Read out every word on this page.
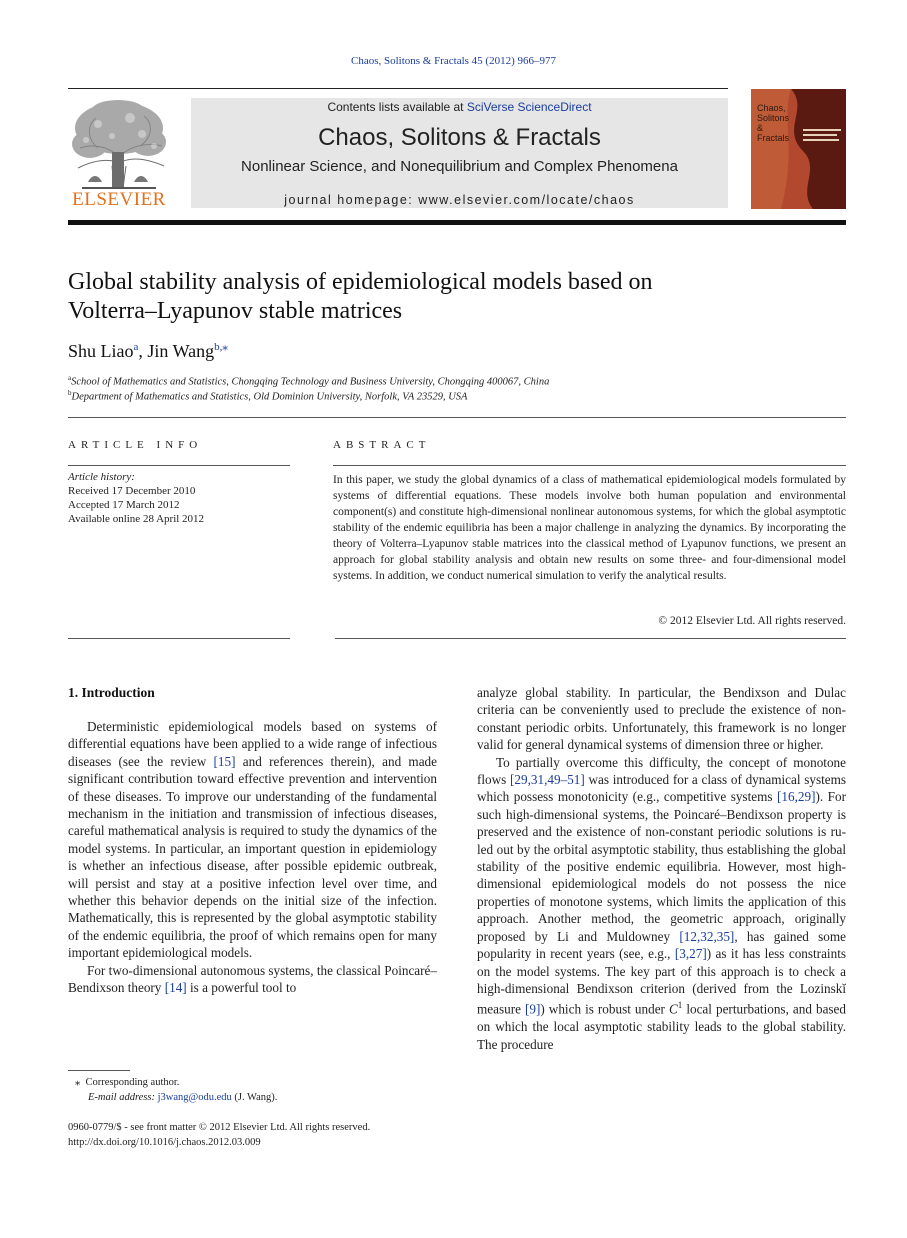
Chaos, Solitons & Fractals 45 (2012) 966–977
ELSEVIER
Contents lists available at SciVerse ScienceDirect
Chaos, Solitons & Fractals
Nonlinear Science, and Nonequilibrium and Complex Phenomena
journal homepage: www.elsevier.com/locate/chaos
Chaos, Solitons & Fractals
Global stability analysis of epidemiological models based on Volterra–Lyapunov stable matrices
Shu Liao$^a$, Jin Wang$^{b,⁎}$
$^a$School of Mathematics and Statistics, Chongqing Technology and Business University, Chongqing 400067, China
$^b$Department of Mathematics and Statistics, Old Dominion University, Norfolk, VA 23529, USA
ARTICLE INFO	ABSTRACT
Article history:
Received 17 December 2010
Accepted 17 March 2012
Available online 28 April 2012
In this paper, we study the global dynamics of a class of mathematical epidemiological models formulated by systems of differential equations. These models involve both human population and environmental component(s) and constitute high-dimensional nonlinear autonomous systems, for which the global asymptotic stability of the endemic equilibria has been a major challenge in analyzing the dynamics. By incorporating the theory of Volterra–Lyapunov stable matrices into the classical method of Lyapunov functions, we present an approach for global stability analysis and obtain new results on some three- and four-dimensional model systems. In addition, we conduct numerical simulation to verify the analytical results.
© 2012 Elsevier Ltd. All rights reserved.
1. Introduction

Deterministic epidemiological models based on systems of differential equations have been applied to a wide range of infectious diseases (see the review [15] and references therein), and made significant contribution toward effective prevention and intervention of these diseases. To improve our understanding of the fundamental mechanism in the initiation and transmission of infectious diseases, careful mathematical analysis is required to study the dynamics of the model systems. In particular, an important question in epidemiology is whether an infectious disease, after possible epidemic outbreak, will persist and stay at a positive infection level over time, and whether this behavior depends on the initial size of the infection. Mathematically, this is represented by the global asymptotic stability of the endemic equilibria, the proof of which remains open for many important epidemiological models.

For two-dimensional autonomous systems, the classical Poincaré–Bendixson theory [14] is a powerful tool to

analyze global stability. In particular, the Bendixson and Dulac criteria can be conveniently used to preclude the existence of non-constant periodic orbits. Unfortunately, this framework is no longer valid for general dynamical systems of dimension three or higher.

To partially overcome this difficulty, the concept of monotone flows [29,31,49–51] was introduced for a class of dynamical systems which possess monotonicity (e.g., competitive systems [16,29]). For such high-dimensional systems, the Poincaré–Bendixson property is preserved and the existence of non-constant periodic solutions is ruled out by the orbital asymptotic stability, thus establishing the global stability of the positive endemic equilibria. However, most high-dimensional epidemiological models do not possess the nice properties of monotone systems, which limits the application of this approach. Another method, the geometric approach, originally proposed by Li and Muldowney [12,32,35], has gained some popularity in recent years (see, e.g., [3,27]) as it has less constraints on the model systems. The key part of this approach is to check a high-dimensional Bendixson criterion (derived from the Lozinskĭ measure [9]) which is robust under $C^1$ local perturbations, and based on which the local asymptotic stability leads to the global stability. The procedure

⁎ Corresponding author.
E-mail address: j3wang@odu.edu (J. Wang).
0960-0779/$ - see front matter © 2012 Elsevier Ltd. All rights reserved.
http://dx.doi.org/10.1016/j.chaos.2012.03.009
